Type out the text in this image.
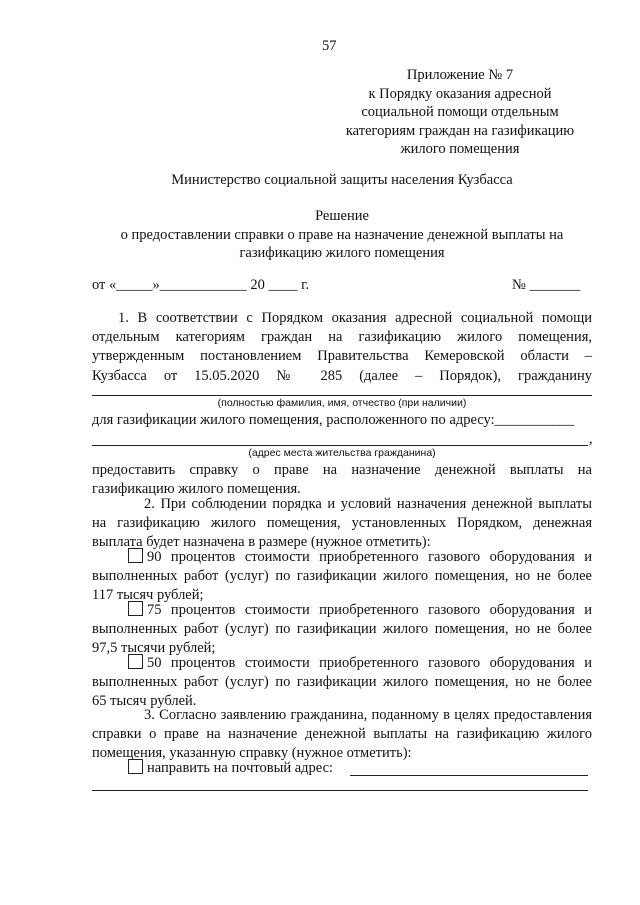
57
Приложение № 7
к Порядку оказания адресной
социальной помощи отдельным
категориям граждан на газификацию
жилого помещения
Министерство социальной защиты населения Кузбасса
Решение
о предоставлении справки о праве на назначение денежной выплаты на
газификацию жилого помещения
от «_____»____________ 20 ____ г.	№ _______
1. В соответствии с Порядком оказания адресной социальной помощи
отдельным категориям граждан на газификацию жилого помещения,
утвержденным постановлением Правительства Кемеровской области –
Кузбасса от 15.05.2020 № 285 (далее – Порядок), гражданину
(полностью фамилия, имя, отчество (при наличии)
для газификации жилого помещения, расположенного по адресу:___________
,
(адрес места жительства гражданина)
предоставить справку о праве на назначение денежной выплаты на
газификацию жилого помещения.
2. При соблюдении порядка и условий назначения денежной выплаты
на газификацию жилого помещения, установленных Порядком, денежная
выплата будет назначена в размере (нужное отметить):
90 процентов стоимости приобретенного газового оборудования и
выполненных работ (услуг) по газификации жилого помещения, но не более
117 тысяч рублей;
75 процентов стоимости приобретенного газового оборудования и
выполненных работ (услуг) по газификации жилого помещения, но не более
97,5 тысячи рублей;
50 процентов стоимости приобретенного газового оборудования и
выполненных работ (услуг) по газификации жилого помещения, но не более
65 тысяч рублей.
3. Согласно заявлению гражданина, поданному в целях предоставления
справки о праве на назначение денежной выплаты на газификацию жилого
помещения, указанную справку (нужное отметить):
направить на почтовый адрес:
